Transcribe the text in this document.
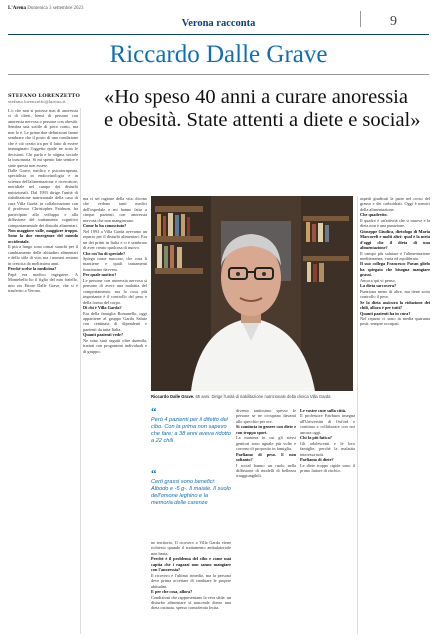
L'Arena Domenica 3 settembre 2023
Verona racconta	9
Riccardo Dalle Grave
STEFANO LORENZETTO
stefano.lorenzetto@larena.it «Ho speso 40 anni a curare anoressia e obesità. State attenti a diete e social»

L'o che non si potesse mai di anoressia si di obesi, bensì di persone con anoressia nervosa o persone con obesità. Sembra una sottile di poco conto, ma non lo è. Le prime due definizioni fanno sembrare che il posto di una condizione che è ciò creato tra per il fatto di essere immaginato l'oggetto quale ne sono le decisioni. Chi parla e lo stigma sociale la trascinaria. Si mi spento fate sentire e siate questa non essere.

Dalle Grave, medico e psicoterapeuta, specialista in endocrinologia e in scienza dell'alimentazione e ricercatore, meridiale nel campo dei disturbi nutrizionali. Dal 1993 dirige l'unità di riabilitazione nutrizionale della casa di cura Villa Garda, in collaborazione con il professor Christopher Fairburn, ha partecipato allo sviluppo e alla diffusione del trattamento cognitivo comportamentale dei disturbi alimentari.

Non maggiore valle, maggiore troppo. Sono la due emergenze del mondo occidentale.

Il più a lungo sono ormai stanchi per il cambiamento delle abitudini alimentari e dello stile di vita, ma i numeri restano in crescita da moltissimi anni.

Perché scelse la medicina?

Papà era medico ingegnere. A Montebello ho il figlio del mio fratello, mio zio Ettore Dalle Grave, che si è trasferito a Verona.

ma ci sei ragione della vita, dicono che vedono tanti medici dell'ospedale e mi hanno fatto a cinque pazienti con anoressia nervosa che non mangiavano.

Come lo ha conosciuto?

Nel 1993 a Villa Garda avevamo un reparto per il disturbi alimentari. Era un dei primi in Italia e ci è sembrato di aver creato qualcosa di nuovo.

Che cos'ha di speciale?

Spiega come nascono, che cosa li mantiene e quali trattamenti funzionano davvero.

Per quale motivo?

Le persone con anoressia nervosa si pensano di avere una malattia del comportamento, ma la cosa più importante è il controllo del peso e della forma del corpo.

Di chi è Villa Garda?

Era della famiglia Romanello, oggi appartiene al gruppo Garda Salute con centinaia di dipendenti e pazienti da tutta Italia.

Quanti pazienti vede?

Ne sono stati seguiti oltre duemila, trattati con programmi individuali e di gruppo.

Riccardo Dalle Grave. 65 anni. Dirige l'unità di riabilitazione nutrizionale della clinica Villa Garda
“
Però 4 pazienti per il difetto del cibo. Con la prima non sapevo che fare: a 38 anni aveva ridotto a 22 chili
“
Certi grassi sono benefici: Albodo e -5 g-. Il maiale. Il suolo dell'omone leghino e la memoria delle carenze

ne territorio. Il ricovero a Villa Garda viene richiesto quando il trattamento ambulatoriale non basta.

Perché è il problema del cibo e come mai capita che i ragazzi non sanno mangiare con l'anoressia?

Il ricovero è l'ultimo rimedio, ma la persona deve prima accettare di cambiare le proprie abitudini.

E per che cosa, allora?

Condizioni che rappresentano la vera sfida: un disturbo alimentare si nasconde dietro una dieta ostinata, spesso considerata lecita.

diventa tantissimo spesso le persone se ne occupano davanti allo specchio per ore.

Si comincia in genere con diete e con troppo sport.

La maniera in cui gli stessi genitori sono uguale più volte e corrono di proposito in famiglia.

Parliamo di peso. E non soltanto?

I social hanno un ruolo nella diffusione di modelli di bellezza irraggiungibili.

Le vostre cure sulla città.

Il professore Fairburn insegna all'Università di Oxford e continua a collaborare con noi ancora oggi.

Chi fa più fatica?

Gli adolescenti e le loro famiglie, perché la malattia interessa tutti.

Parliamo di diete?

Le diete troppo rigide sono il primo fattore di rischio.

aspetti giudicati la parte nel corso del grasso e dei carboidrati. Oggi è nemici della alimentazione.

Che quadretto.

Il quadro è un'attività che si muove e la dieta non è una punizione.

Giuseppe Giudica, dietologo di Maria Marcoreli e molti altri: qual è la meta d'oggi che il dieta di una alimentazione?

Il campo più salutare è l'alimentazione mediterranea, varia ed equilibrata.

Il suo collega Francesco Pavan glielo ha spiegato che bisogna mangiare grassi.

Ancora qui vi penso.

La dieta sarcovera?

Funziona meno di altre, ma tiene sotto controllo il peso.

Se la dieta assicura la riduzione dei chili, allora è per tutti?

Quanti pazienti ha in cura?

Nel reparto ci sono in media quaranta posti, sempre occupati.
